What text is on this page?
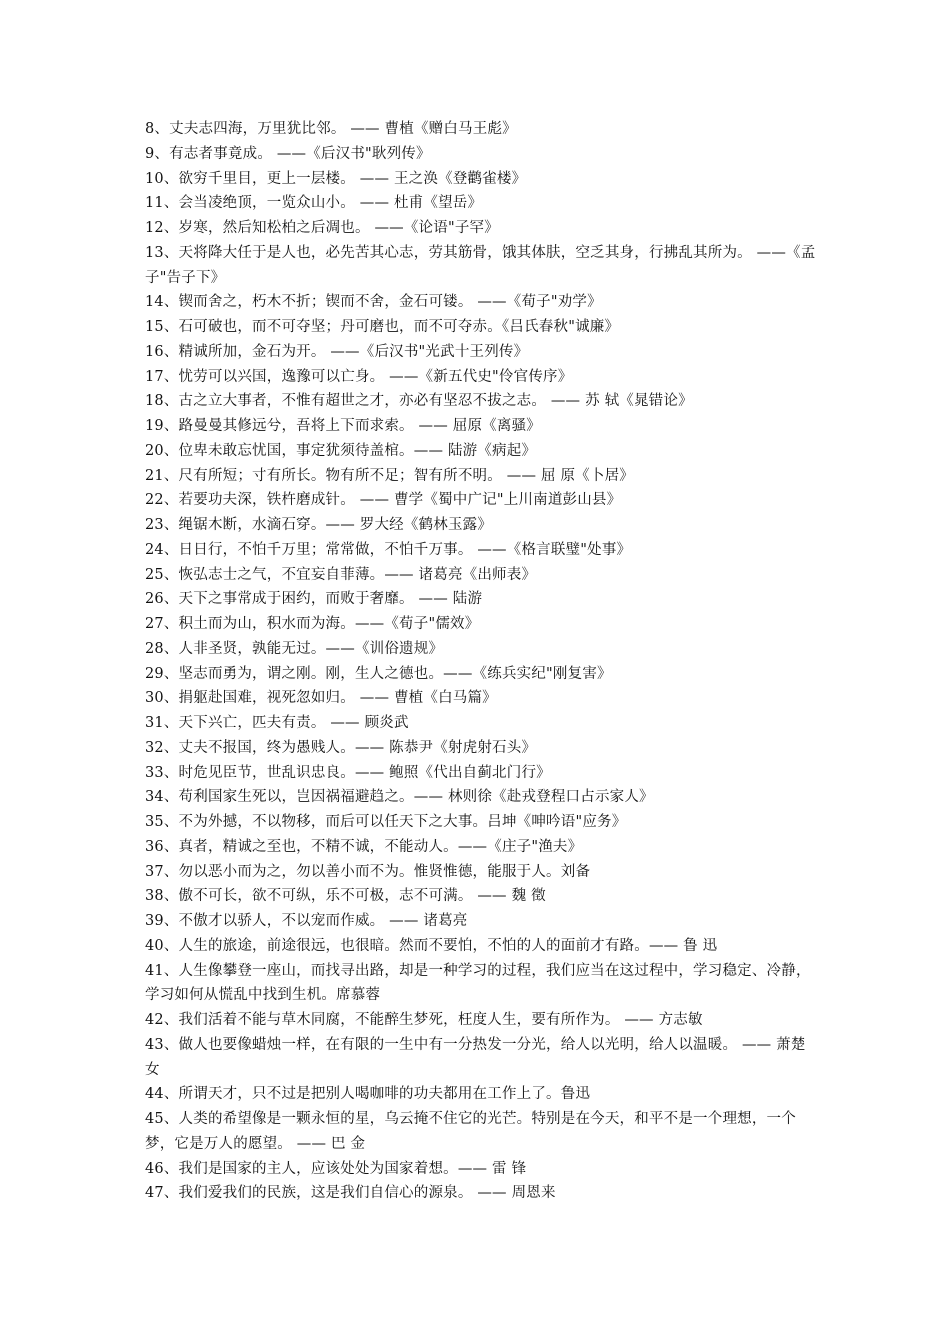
8、丈夫志四海，万里犹比邻。 —— 曹植《赠白马王彪》

9、有志者事竟成。 ——《后汉书"耿列传》

10、欲穷千里目，更上一层楼。 —— 王之涣《登鹳雀楼》

11、会当凌绝顶，一览众山小。 —— 杜甫《望岳》

12、岁寒，然后知松柏之后凋也。 ——《论语"子罕》

13、天将降大任于是人也，必先苦其心志，劳其筋骨，饿其体肤，空乏其身，行拂乱其所为。 ——《孟子"告子下》

14、锲而舍之，朽木不折；锲而不舍，金石可镂。 ——《荀子"劝学》

15、石可破也，而不可夺坚；丹可磨也，而不可夺赤。《吕氏春秋"诚廉》

16、精诚所加，金石为开。 ——《后汉书"光武十王列传》

17、忧劳可以兴国，逸豫可以亡身。 ——《新五代史"伶官传序》

18、古之立大事者，不惟有超世之才，亦必有坚忍不拔之志。 —— 苏 轼《晁错论》

19、路曼曼其修远兮，吾将上下而求索。 —— 屈原《离骚》

20、位卑未敢忘忧国，事定犹须待盖棺。—— 陆游《病起》

21、尺有所短；寸有所长。物有所不足；智有所不明。 —— 屈 原《卜居》

22、若要功夫深，铁杵磨成针。 —— 曹学《蜀中广记"上川南道彭山县》

23、绳锯木断，水滴石穿。—— 罗大经《鹤林玉露》

24、日日行，不怕千万里；常常做，不怕千万事。 ——《格言联璧"处事》

25、恢弘志士之气，不宜妄自菲薄。—— 诸葛亮《出师表》

26、天下之事常成于困约，而败于奢靡。 —— 陆游

27、积土而为山，积水而为海。——《荀子"儒效》

28、人非圣贤，孰能无过。——《训俗遗规》

29、坚志而勇为，谓之刚。刚，生人之德也。——《练兵实纪"刚复害》

30、捐躯赴国难，视死忽如归。 —— 曹植《白马篇》

31、天下兴亡，匹夫有责。 —— 顾炎武

32、丈夫不报国，终为愚贱人。—— 陈恭尹《射虎射石头》

33、时危见臣节，世乱识忠良。—— 鲍照《代出自蓟北门行》

34、苟利国家生死以，岂因祸福避趋之。—— 林则徐《赴戎登程口占示家人》

35、不为外撼，不以物移，而后可以任天下之大事。吕坤《呻吟语"应务》

36、真者，精诚之至也，不精不诚，不能动人。——《庄子"渔夫》

37、勿以恶小而为之，勿以善小而不为。惟贤惟德，能服于人。刘备

38、傲不可长，欲不可纵，乐不可极，志不可满。 —— 魏 徵

39、不傲才以骄人，不以宠而作威。 —— 诸葛亮

40、人生的旅途，前途很远，也很暗。然而不要怕，不怕的人的面前才有路。—— 鲁 迅

41、人生像攀登一座山，而找寻出路，却是一种学习的过程，我们应当在这过程中，学习稳定、冷静，学习如何从慌乱中找到生机。席慕蓉

42、我们活着不能与草木同腐，不能醉生梦死，枉度人生，要有所作为。 —— 方志敏

43、做人也要像蜡烛一样，在有限的一生中有一分热发一分光，给人以光明，给人以温暖。 —— 萧楚女

44、所谓天才，只不过是把别人喝咖啡的功夫都用在工作上了。鲁迅

45、人类的希望像是一颗永恒的星，乌云掩不住它的光芒。特别是在今天，和平不是一个理想，一个梦，它是万人的愿望。 —— 巴 金

46、我们是国家的主人，应该处处为国家着想。—— 雷 锋

47、我们爱我们的民族，这是我们自信心的源泉。 —— 周恩来
